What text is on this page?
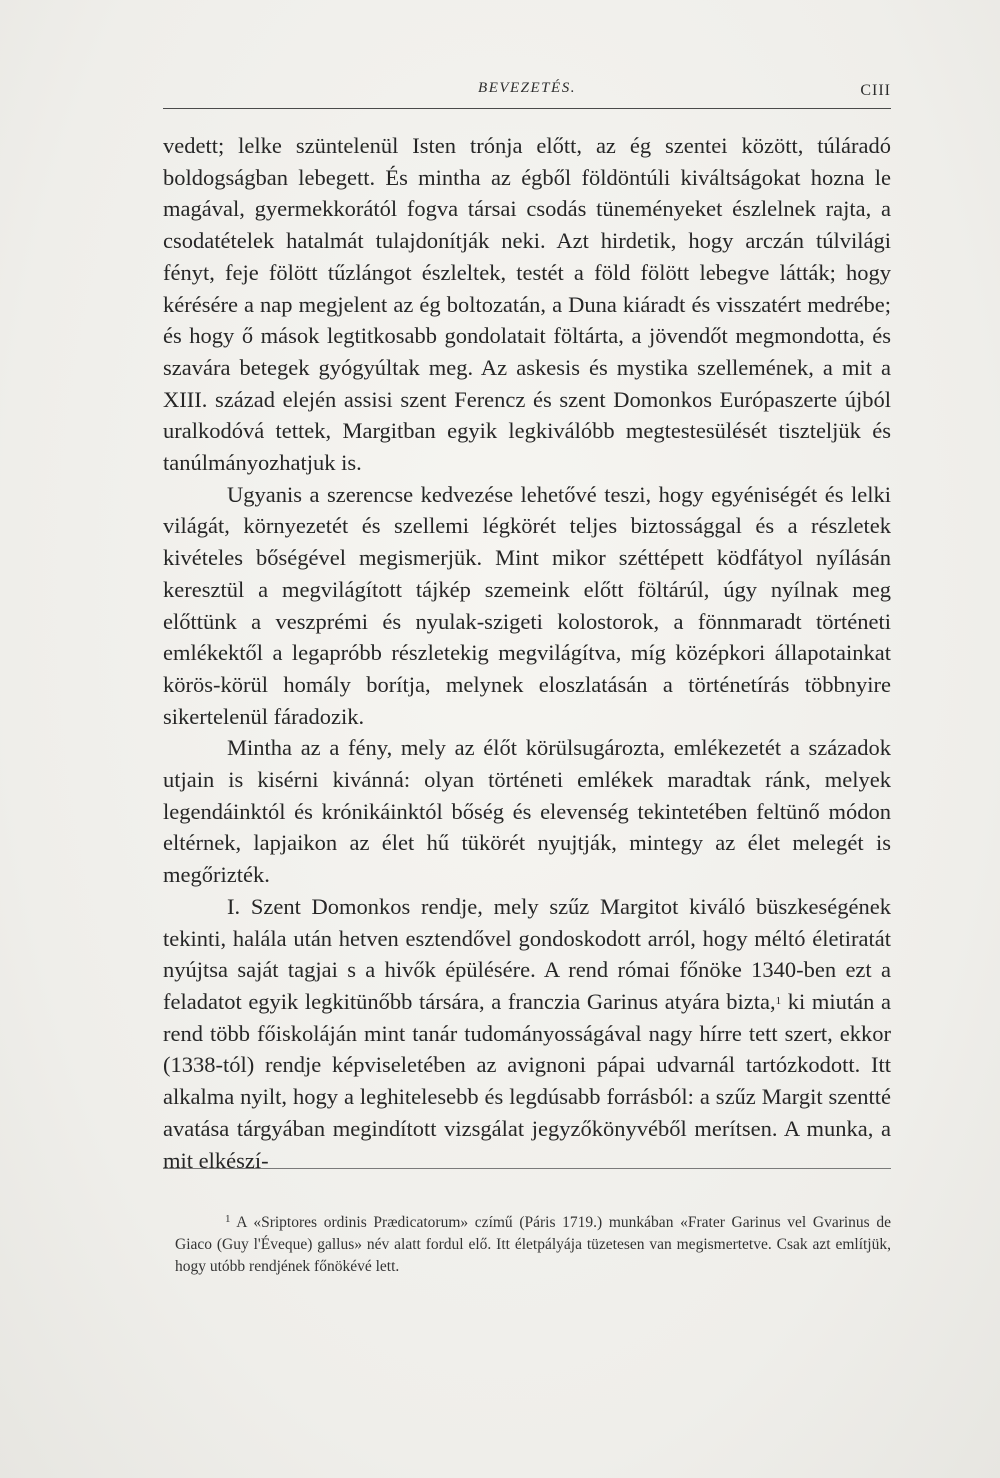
BEVEZETÉS.	CIII

vedett; lelke szüntelenül Isten trónja előtt, az ég szentei között, túláradó boldogságban lebegett. És mintha az égből földöntúli kiváltságokat hozna le magával, gyermekkorától fogva társai csodás tüneményeket észlelnek rajta, a csodatételek hatalmát tulajdonítják neki. Azt hirdetik, hogy arczán túlvilági fényt, feje fölött tűzlángot észleltek, testét a föld fölött lebegve látták; hogy kérésére a nap megjelent az ég boltozatán, a Duna kiáradt és visszatért medrébe; és hogy ő mások legtitkosabb gondolatait föltárta, a jövendőt megmondotta, és szavára betegek gyógyúltak meg. Az askesis és mystika szellemének, a mit a XIII. század elején assisi szent Ferencz és szent Domonkos Európaszerte újból uralkodóvá tettek, Margitban egyik legkiválóbb megtestesülését tiszteljük és tanúlmányozhatjuk is.

Ugyanis a szerencse kedvezése lehetővé teszi, hogy egyéniségét és lelki világát, környezetét és szellemi légkörét teljes biztossággal és a részletek kivételes bőségével megismerjük. Mint mikor széttépett ködfátyol nyílásán keresztül a megvilágított tájkép szemeink előtt föltárúl, úgy nyílnak meg előttünk a veszprémi és nyulak-szigeti kolostorok, a fönnmaradt történeti emlékektől a legapróbb részletekig megvilágítva, míg középkori állapotainkat körös-körül homály borítja, melynek eloszlatásán a történetírás többnyire sikertelenül fáradozik.

Mintha az a fény, mely az élőt körülsugározta, emlékezetét a századok utjain is kisérni kivánná: olyan történeti emlékek maradtak ránk, melyek legendáinktól és krónikáinktól bőség és elevenség tekintetében feltünő módon eltérnek, lapjaikon az élet hű tükörét nyujtják, mintegy az élet melegét is megőrizték.

I. Szent Domonkos rendje, mely szűz Margitot kiváló büszkeségének tekinti, halála után hetven esztendővel gondoskodott arról, hogy méltó életiratát nyújtsa saját tagjai s a hivők épülésére. A rend római főnöke 1340-ben ezt a feladatot egyik legkitünőbb társára, a franczia Garinus atyára bizta,$^1$ ki miután a rend több főiskoláján mint tanár tudományosságával nagy hírre tett szert, ekkor (1338-tól) rendje képviseletében az avignoni pápai udvarnál tartózkodott. Itt alkalma nyilt, hogy a leghitelesebb és legdúsabb forrásból: a szűz Margit szentté avatása tárgyában megindított vizsgálat jegyzőkönyvéből merítsen. A munka, a mit elkészí-

$^1$ A «Sriptores ordinis Prædicatorum» czímű (Páris 1719.) munkában «Frater Garinus vel Gvarinus de Giaco (Guy l'Éveque) gallus» név alatt fordul elő. Itt életpályája tüzetesen van megismertetve. Csak azt említjük, hogy utóbb rendjének főnökévé lett.
